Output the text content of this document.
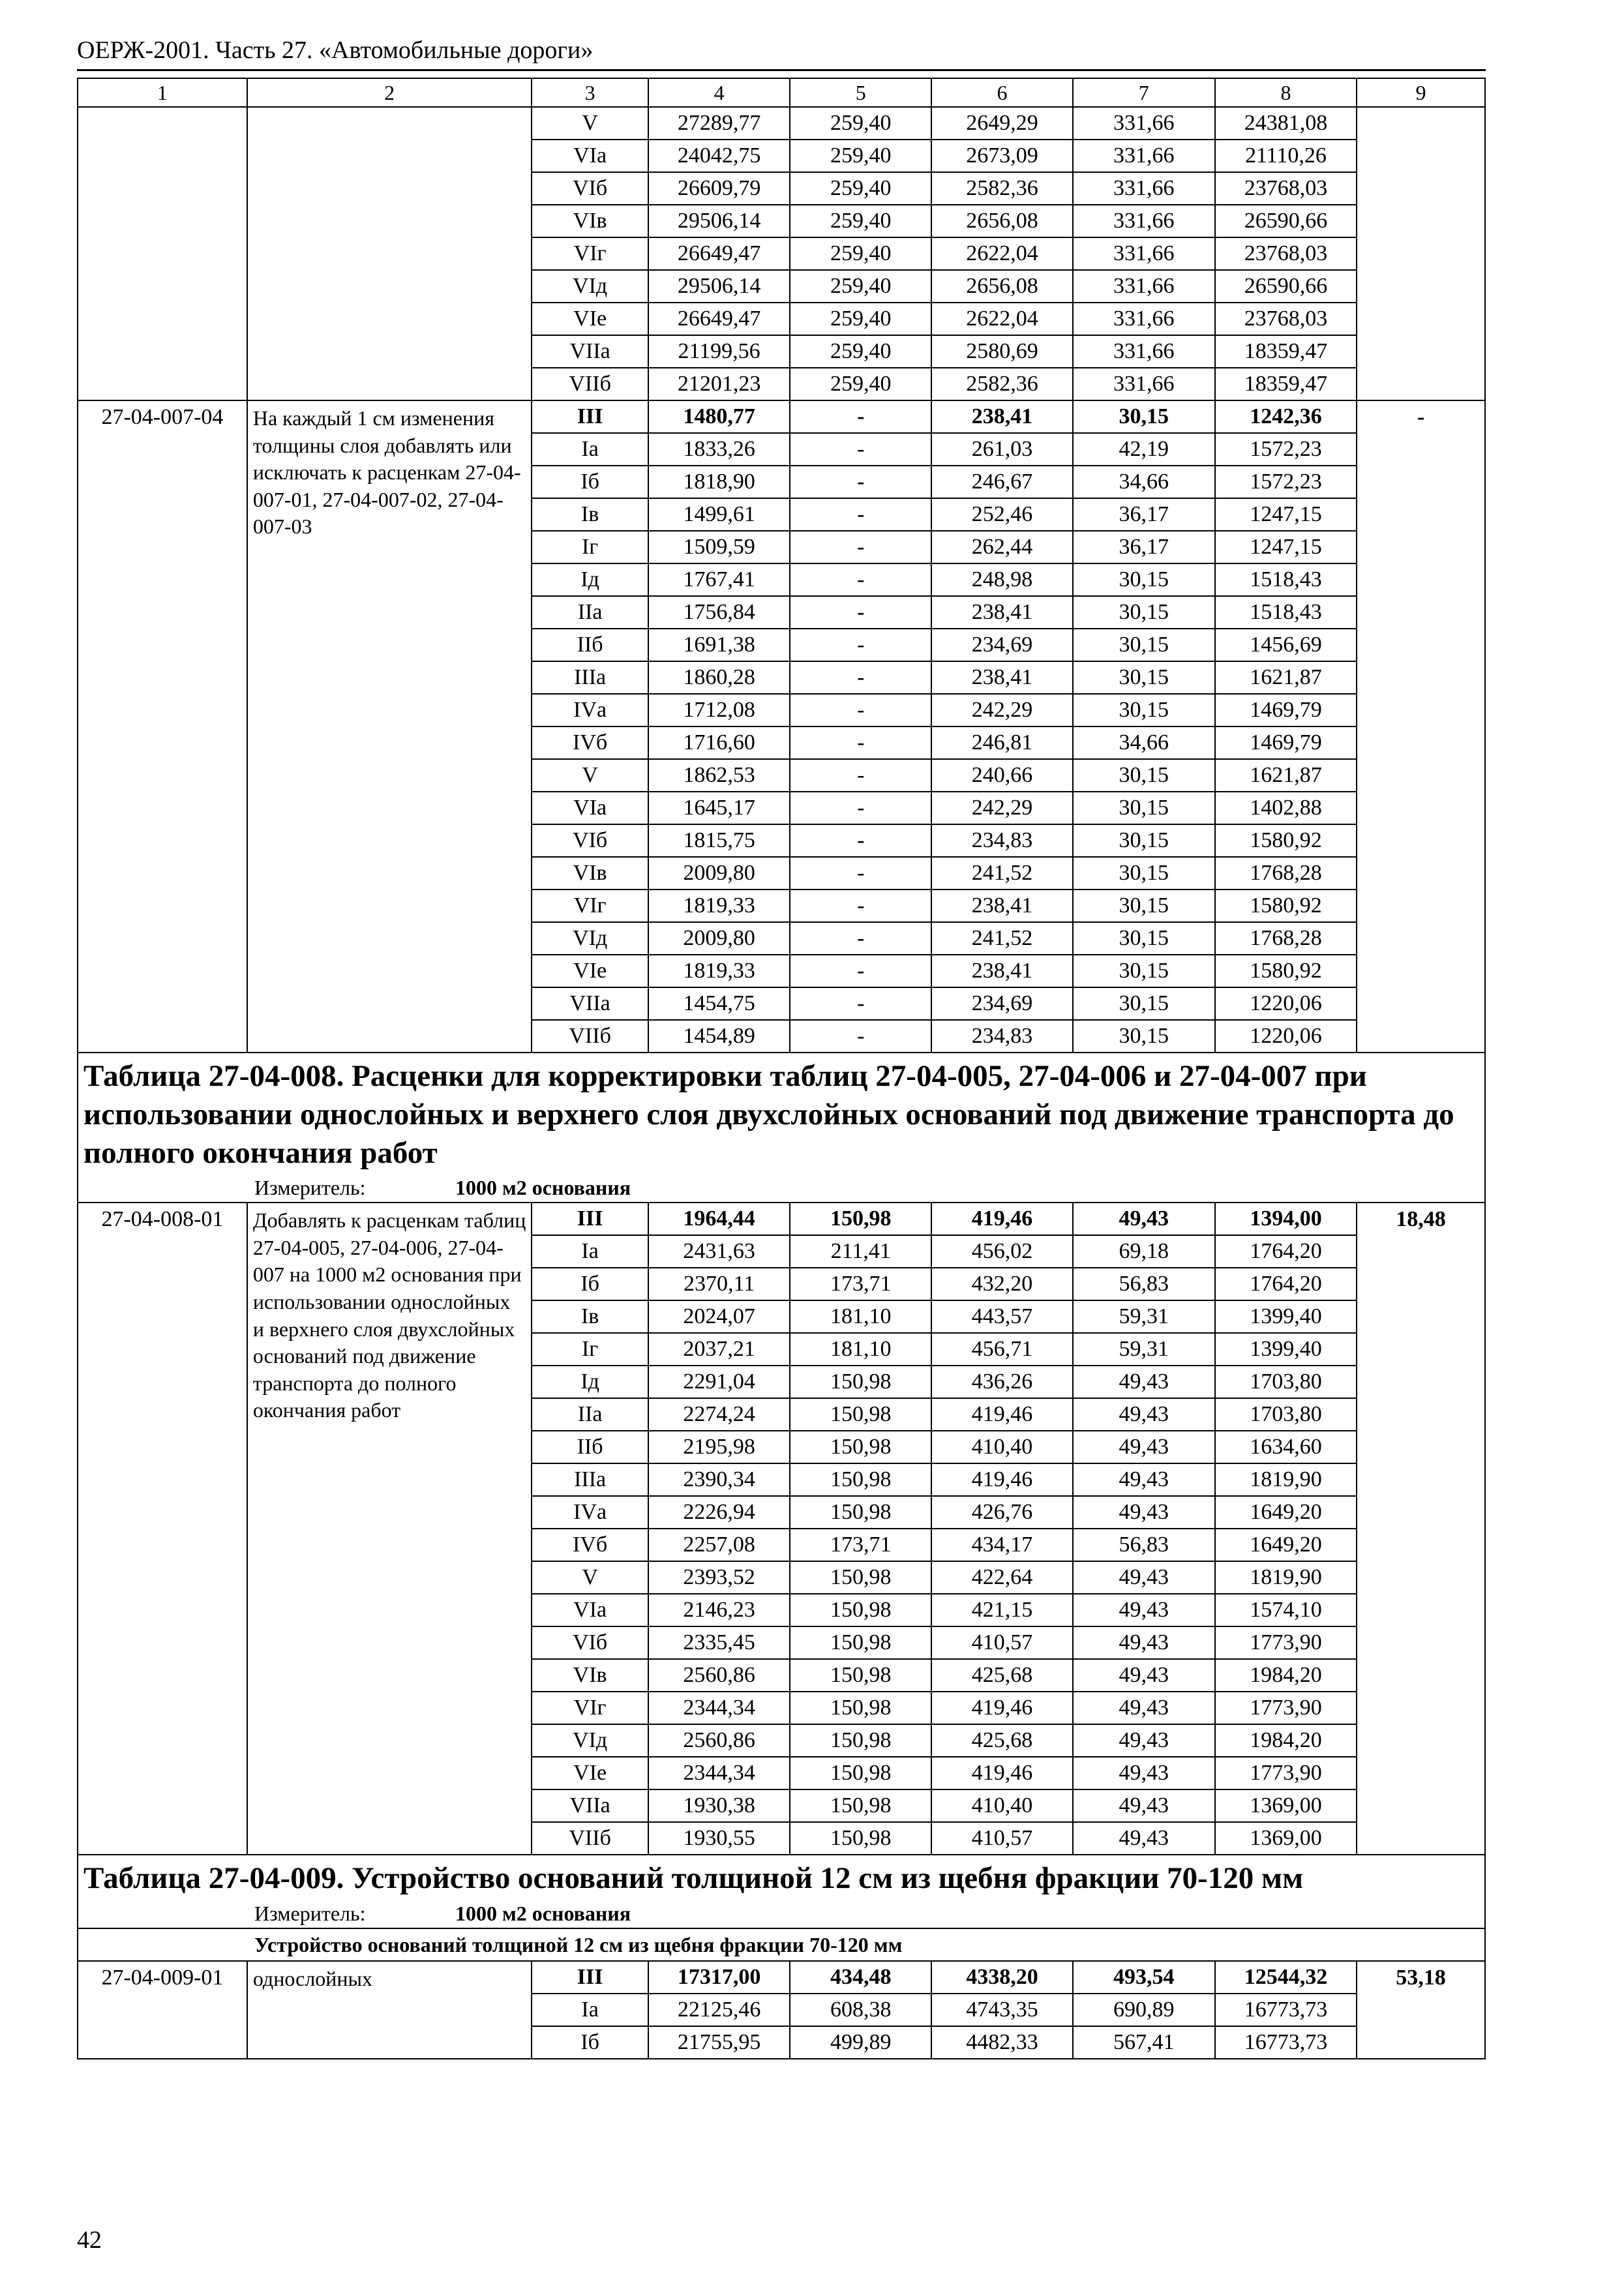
ОЕРЖ-2001. Часть 27. «Автомобильные дороги»
1	2	3	4	5	6	7	8	9
		V	27289,77	259,40	2649,29	331,66	24381,08	
		VIа	24042,75	259,40	2673,09	331,66	21110,26	
		VIб	26609,79	259,40	2582,36	331,66	23768,03	
		VIв	29506,14	259,40	2656,08	331,66	26590,66	
		VIг	26649,47	259,40	2622,04	331,66	23768,03	
		VIд	29506,14	259,40	2656,08	331,66	26590,66	
		VIе	26649,47	259,40	2622,04	331,66	23768,03	
		VIIа	21199,56	259,40	2580,69	331,66	18359,47	
		VIIб	21201,23	259,40	2582,36	331,66	18359,47	
27-04-007-04	На каждый 1 см изменения толщины слоя добавлять или исключать к расценкам 27-04-007-01, 27-04-007-02, 27-04-007-03	III	1480,77	-	238,41	30,15	1242,36	-
		Iа	1833,26	-	261,03	42,19	1572,23	
		Iб	1818,90	-	246,67	34,66	1572,23	
		Iв	1499,61	-	252,46	36,17	1247,15	
		Iг	1509,59	-	262,44	36,17	1247,15	
		Iд	1767,41	-	248,98	30,15	1518,43	
		IIа	1756,84	-	238,41	30,15	1518,43	
		IIб	1691,38	-	234,69	30,15	1456,69	
		IIIа	1860,28	-	238,41	30,15	1621,87	
		IVа	1712,08	-	242,29	30,15	1469,79	
		IVб	1716,60	-	246,81	34,66	1469,79	
		V	1862,53	-	240,66	30,15	1621,87	
		VIа	1645,17	-	242,29	30,15	1402,88	
		VIб	1815,75	-	234,83	30,15	1580,92	
		VIв	2009,80	-	241,52	30,15	1768,28	
		VIг	1819,33	-	238,41	30,15	1580,92	
		VIд	2009,80	-	241,52	30,15	1768,28	
		VIе	1819,33	-	238,41	30,15	1580,92	
		VIIа	1454,75	-	234,69	30,15	1220,06	
		VIIб	1454,89	-	234,83	30,15	1220,06	

Таблица 27-04-008. Расценки для корректировки таблиц 27-04-005, 27-04-006 и 27-04-007 при использовании однослойных и верхнего слоя двухслойных оснований под движение транспорта до полного окончания работ
Измеритель: 1000 м2 основания								

27-04-008-01	Добавлять к расценкам таблиц 27-04-005, 27-04-006, 27-04-007 на 1000 м2 основания при использовании однослойных и верхнего слоя двухслойных оснований под движение транспорта до полного окончания работ	III	1964,44	150,98	419,46	49,43	1394,00	18,48
		Iа	2431,63	211,41	456,02	69,18	1764,20	
		Iб	2370,11	173,71	432,20	56,83	1764,20	
		Iв	2024,07	181,10	443,57	59,31	1399,40	
		Iг	2037,21	181,10	456,71	59,31	1399,40	
		Iд	2291,04	150,98	436,26	49,43	1703,80	
		IIа	2274,24	150,98	419,46	49,43	1703,80	
		IIб	2195,98	150,98	410,40	49,43	1634,60	
		IIIа	2390,34	150,98	419,46	49,43	1819,90	
		IVа	2226,94	150,98	426,76	49,43	1649,20	
		IVб	2257,08	173,71	434,17	56,83	1649,20	
		V	2393,52	150,98	422,64	49,43	1819,90	
		VIа	2146,23	150,98	421,15	49,43	1574,10	
		VIб	2335,45	150,98	410,57	49,43	1773,90	
		VIв	2560,86	150,98	425,68	49,43	1984,20	
		VIг	2344,34	150,98	419,46	49,43	1773,90	
		VIд	2560,86	150,98	425,68	49,43	1984,20	
		VIе	2344,34	150,98	419,46	49,43	1773,90	
		VIIа	1930,38	150,98	410,40	49,43	1369,00	
		VIIб	1930,55	150,98	410,57	49,43	1369,00	

Таблица 27-04-009. Устройство оснований толщиной 12 см из щебня фракции 70-120 мм
Измеритель: 1000 м2 основания								

Устройство оснований толщиной 12 см из щебня фракции 70-120 мм								
27-04-009-01	однослойных	III	17317,00	434,48	4338,20	493,54	12544,32	53,18
		Iа	22125,46	608,38	4743,35	690,89	16773,73	
		Iб	21755,95	499,89	4482,33	567,41	16773,73	
42
